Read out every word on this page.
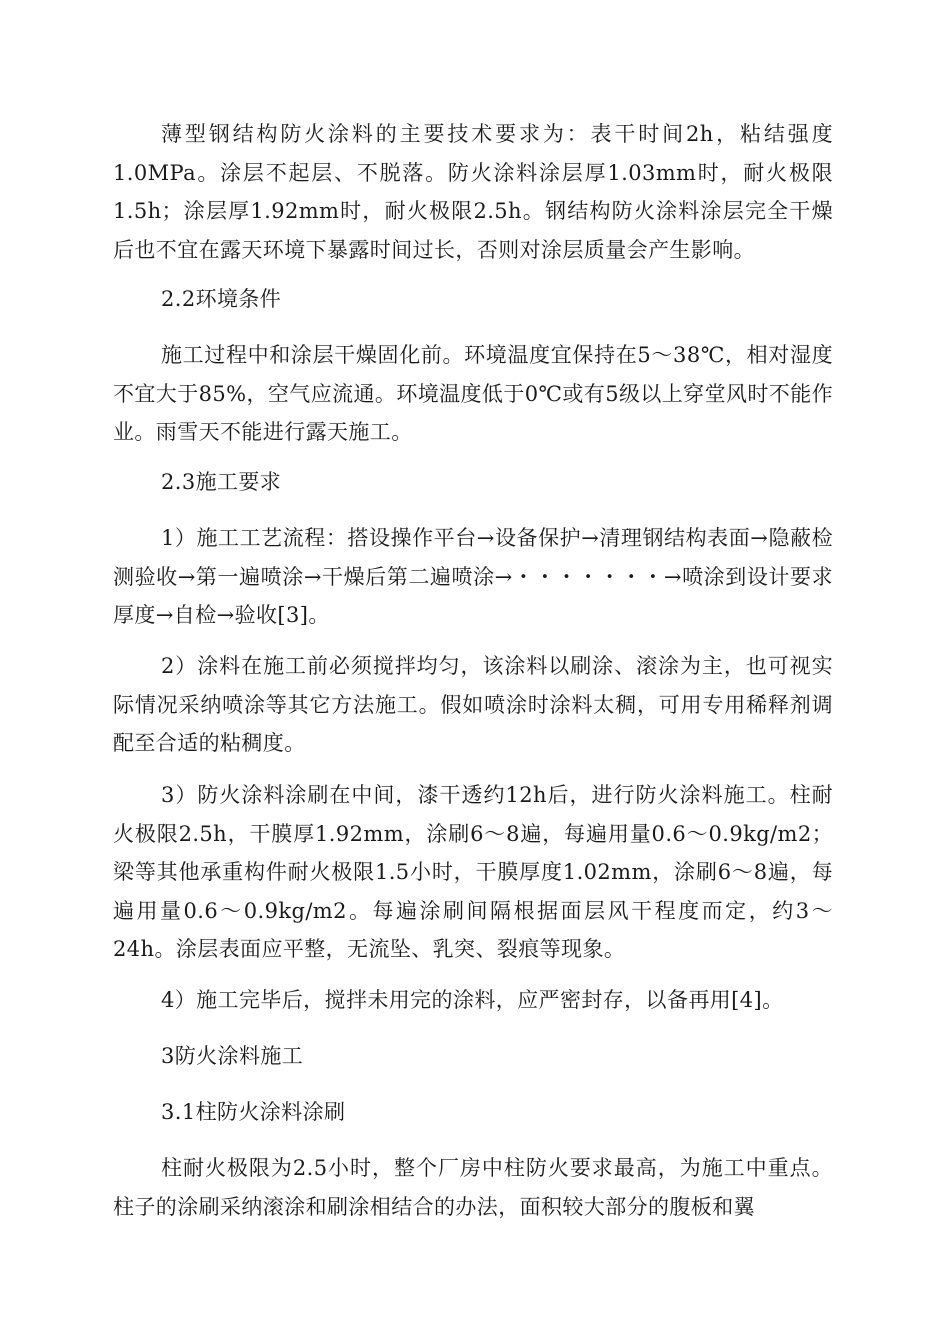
薄型钢结构防火涂料的主要技术要求为：表干时间2h，粘结强度1.0MPa。涂层不起层、不脱落。防火涂料涂层厚1.03mm时，耐火极限1.5h；涂层厚1.92mm时，耐火极限2.5h。钢结构防火涂料涂层完全干燥后也不宜在露天环境下暴露时间过长，否则对涂层质量会产生影响。

2.2环境条件

施工过程中和涂层干燥固化前。环境温度宜保持在5～38℃，相对湿度不宜大于85%，空气应流通。环境温度低于0℃或有5级以上穿堂风时不能作业。雨雪天不能进行露天施工。

2.3施工要求

1）施工工艺流程：搭设操作平台→设备保护→清理钢结构表面→隐蔽检测验收→第一遍喷涂→干燥后第二遍喷涂→・・・・・・・→喷涂到设计要求厚度→自检→验收[3]。

2）涂料在施工前必须搅拌均匀，该涂料以刷涂、滚涂为主，也可视实际情况采纳喷涂等其它方法施工。假如喷涂时涂料太稠，可用专用稀释剂调配至合适的粘稠度。

3）防火涂料涂刷在中间，漆干透约12h后，进行防火涂料施工。柱耐火极限2.5h，干膜厚1.92mm，涂刷6～8遍，每遍用量0.6～0.9kg/m2；梁等其他承重构件耐火极限1.5小时，干膜厚度1.02mm，涂刷6～8遍，每遍用量0.6～0.9kg/m2。每遍涂刷间隔根据面层风干程度而定，约3～24h。涂层表面应平整，无流坠、乳突、裂痕等现象。

4）施工完毕后，搅拌未用完的涂料，应严密封存，以备再用[4]。

3防火涂料施工

3.1柱防火涂料涂刷

柱耐火极限为2.5小时，整个厂房中柱防火要求最高，为施工中重点。柱子的涂刷采纳滚涂和刷涂相结合的办法，面积较大部分的腹板和翼
